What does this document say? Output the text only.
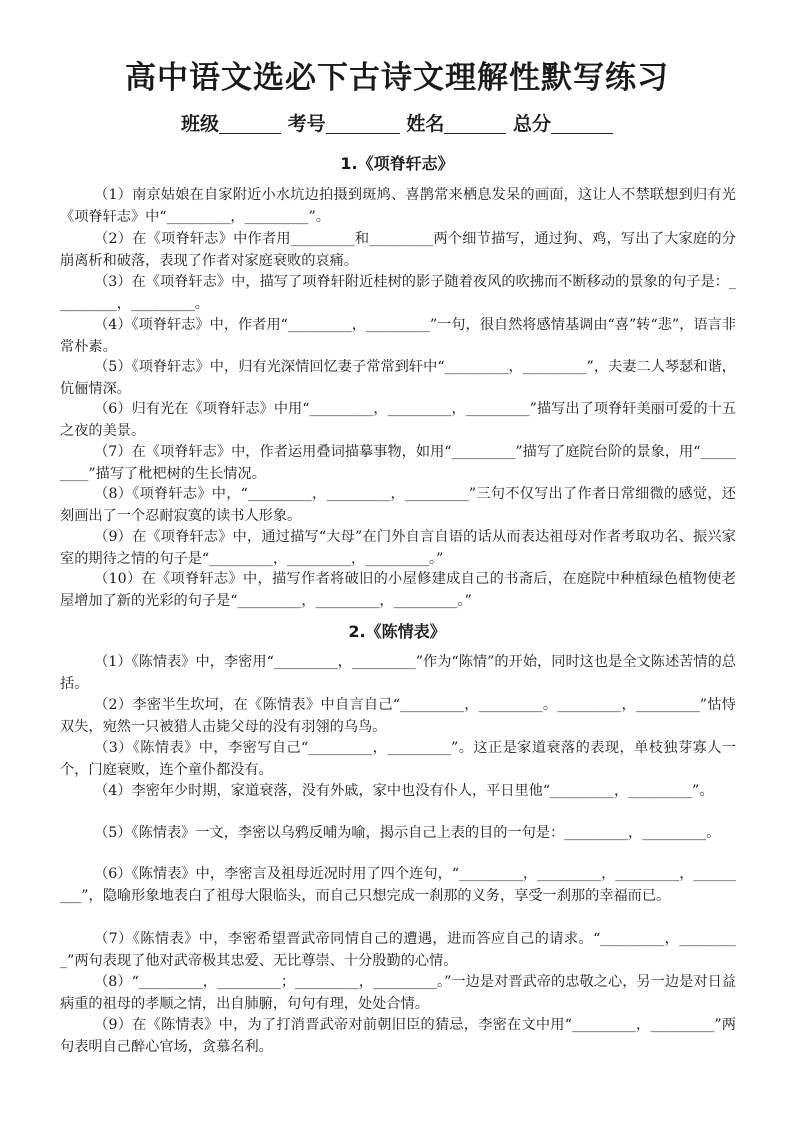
高中语文选必下古诗文理解性默写练习
班级	考号	姓名	总分
1.《项脊轩志》
（1）南京姑娘在自家附近小水坑边拍摄到斑鸠、喜鹊常来栖息发呆的画面，这让人不禁联想到归有光《项脊轩志》中“_________，_________”。
（2）在《项脊轩志》中作者用_________和_________两个细节描写，通过狗、鸡，写出了大家庭的分崩离析和破落，表现了作者对家庭衰败的哀痛。
（3）在《项脊轩志》中，描写了项脊轩附近桂树的影子随着夜风的吹拂而不断移动的景象的句子是：_________，_________。
（4）《项脊轩志》中，作者用“_________，_________”一句，很自然将感情基调由“喜”转“悲”，语言非常朴素。
（5）《项脊轩志》中，归有光深情回忆妻子常常到轩中“_________，_________”，夫妻二人琴瑟和谐，伉俪情深。
（6）归有光在《项脊轩志》中用“_________，_________，_________”描写出了项脊轩美丽可爱的十五之夜的美景。
（7）在《项脊轩志》中，作者运用叠词描摹事物，如用“_________”描写了庭院台阶的景象，用“_________”描写了枇杷树的生长情况。
（8）《项脊轩志》中，“_________，_________，_________”三句不仅写出了作者日常细微的感觉，还刻画出了一个忍耐寂寞的读书人形象。
（9）在《项脊轩志》中，通过描写“大母”在门外自言自语的话从而表达祖母对作者考取功名、振兴家室的期待之情的句子是“_________，_________，_________。”
（10）在《项脊轩志》中，描写作者将破旧的小屋修建成自己的书斋后，在庭院中种植绿色植物使老屋增加了新的光彩的句子是“_________，_________，_________。”
2.《陈情表》
（1）《陈情表》中，李密用“_________，_________”作为“陈情”的开始，同时这也是全文陈述苦情的总括。
（2）李密半生坎坷，在《陈情表》中自言自己“_________，_________。_________，_________”怙恃双失，宛然一只被猎人击毙父母的没有羽翎的乌鸟。
（3）《陈情表》中，李密写自己“_________，_________”。这正是家道衰落的表现，单枝独芽寡人一个，门庭衰败，连个童仆都没有。
（4）李密年少时期，家道衰落，没有外戚，家中也没有仆人，平日里他“_________，_________”。
（5）《陈情表》一文，李密以乌鸦反哺为喻，揭示自己上表的目的一句是：_________，_________。
（6）《陈情表》中，李密言及祖母近况时用了四个连句，“_________，_________，_________，_________”，隐喻形象地表白了祖母大限临头，而自己只想完成一刹那的义务，享受一刹那的幸福而已。
（7）《陈情表》中，李密希望晋武帝同情自己的遭遇，进而答应自己的请求。“_________，_________”两句表现了他对武帝极其忠爱、无比尊崇、十分殷勤的心情。
（8）“_________，_________；_________，_________。”一边是对晋武帝的忠敬之心，另一边是对日益病重的祖母的孝顺之情，出自肺腑，句句有理，处处合情。
（9）在《陈情表》中，为了打消晋武帝对前朝旧臣的猜忌，李密在文中用“_________，_________”两句表明自己醉心官场，贪慕名利。
